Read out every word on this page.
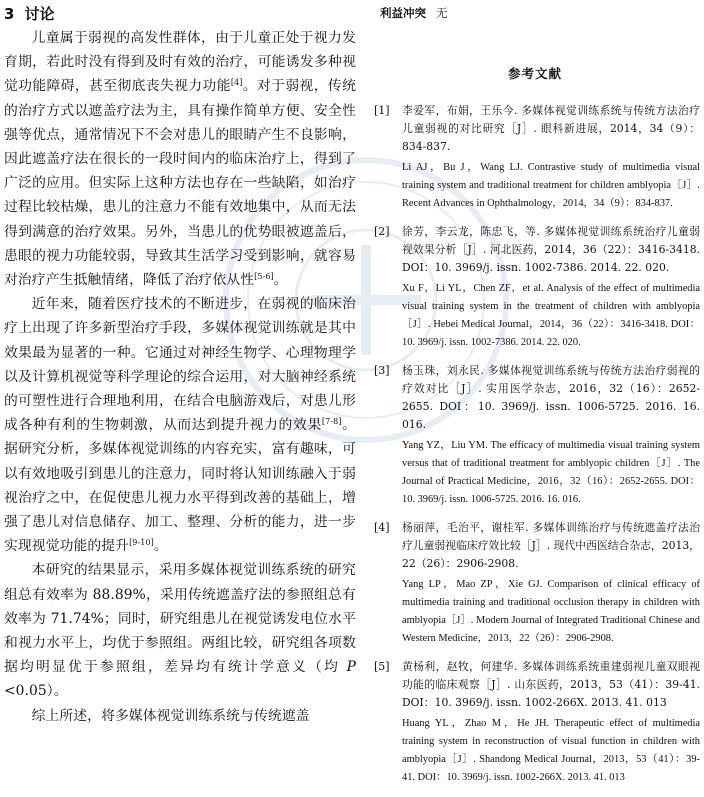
3 讨论

儿童属于弱视的高发性群体，由于儿童正处于视力发育期，若此时没有得到及时有效的治疗，可能诱发多种视觉功能障碍，甚至彻底丧失视力功能[4]。对于弱视，传统的治疗方式以遮盖疗法为主，具有操作简单方便、安全性强等优点，通常情况下不会对患儿的眼睛产生不良影响，因此遮盖疗法在很长的一段时间内的临床治疗上，得到了广泛的应用。但实际上这种方法也存在一些缺陷，如治疗过程比较枯燥，患儿的注意力不能有效地集中，从而无法得到满意的治疗效果。另外，当患儿的优势眼被遮盖后，患眼的视力功能较弱，导致其生活学习受到影响，就容易对治疗产生抵触情绪，降低了治疗依从性[5-6]。

近年来，随着医疗技术的不断进步，在弱视的临床治疗上出现了许多新型治疗手段，多媒体视觉训练就是其中效果最为显著的一种。它通过对神经生物学、心理物理学以及计算机视觉等科学理论的综合运用，对大脑神经系统的可塑性进行合理地利用，在结合电脑游戏后，对患儿形成各种有利的生物刺激，从而达到提升视力的效果[7-8]。据研究分析，多媒体视觉训练的内容充实，富有趣味，可以有效地吸引到患儿的注意力，同时将认知训练融入于弱视治疗之中，在促使患儿视力水平得到改善的基础上，增强了患儿对信息储存、加工、整理、分析的能力，进一步实现视觉功能的提升[9-10]。

本研究的结果显示，采用多媒体视觉训练系统的研究组总有效率为 88.89%，采用传统遮盖疗法的参照组总有效率为 71.74%；同时，研究组患儿在视觉诱发电位水平和视力水平上，均优于参照组。两组比较，研究组各项数据均明显优于参照组，差异均有统计学意义（均 P <0.05）。

综上所述，将多媒体视觉训练系统与传统遮盖

利益冲突 无

参考文献
[1] 李爱军，布娟，王乐今. 多媒体视觉训练系统与传统方法治疗儿童弱视的对比研究［J］. 眼科新进展，2014，34（9）：834-837.

Li AJ，Bu J，Wang LJ. Contrastive study of multimedia visual training system and traditional treatment for children amblyopia［J］. Recent Advances in Ophthalmology，2014，34（9）：834-837.

[2] 徐芳，李云龙，陈忠飞，等. 多媒体视觉训练系统治疗儿童弱视效果分析［J］. 河北医药，2014，36（22）：3416-3418. DOI：10. 3969/j. issn. 1002-7386. 2014. 22. 020.

Xu F，Li YL，Chen ZF，et al. Analysis of the effect of multimedia visual training system in the treatment of children with amblyopia［J］. Hebei Medical Journal，2014，36（22）：3416-3418. DOI：10. 3969/j. issn. 1002-7386. 2014. 22. 020.

[3] 杨玉珠，刘永民. 多媒体视觉训练系统与传统方法治疗弱视的疗效对比［J］. 实用医学杂志，2016，32（16）：2652-2655. DOI：10. 3969/j. issn. 1006-5725. 2016. 16. 016.

Yang YZ，Liu YM. The efficacy of multimedia visual training system versus that of traditional treatment for amblyopic children［J］. The Journal of Practical Medicine，2016，32（16）：2652-2655. DOI：10. 3969/j. issn. 1006-5725. 2016. 16. 016.

[4] 杨丽萍，毛治平，谢桂军. 多媒体训练治疗与传统遮盖疗法治疗儿童弱视临床疗效比较［J］. 现代中西医结合杂志，2013，22（26）：2906-2908.

Yang LP，Mao ZP，Xie GJ. Comparison of clinical efficacy of multimedia training and traditional occlusion therapy in children with amblyopia［J］. Modern Journal of Integrated Traditional Chinese and Western Medicine，2013，22（26）：2906-2908.

[5] 黄杨利，赵牧，何建华. 多媒体训练系统重建弱视儿童双眼视功能的临床观察［J］. 山东医药，2013，53（41）：39-41. DOI：10. 3969/j. issn. 1002-266X. 2013. 41. 013

Huang YL，Zhao M，He JH. Therapeutic effect of multimedia training system in reconstruction of visual function in children with amblyopia［J］. Shandong Medical Journal，2013，53（41）：39-41. DOI：10. 3969/j. issn. 1002-266X. 2013. 41. 013
